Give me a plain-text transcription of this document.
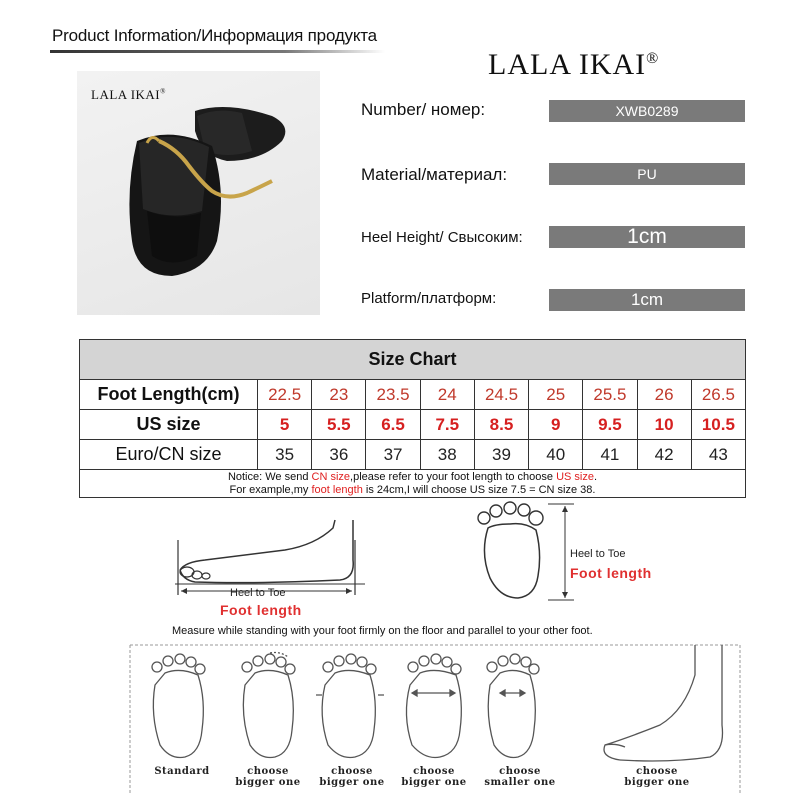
Product Information/Информация продукта
LALA IKAI®
LALA IKAI®
Number/ номер:	XWB0289
Material/материал:	PU
Heel Height/ Свысоким:	1cm
Platform/платформ:	1cm
Size Chart									
Foot Length(cm)	22.5	23	23.5	24	24.5	25	25.5	26	26.5
US size	5	5.5	6.5	7.5	8.5	9	9.5	10	10.5
Euro/CN size	35	36	37	38	39	40	41	42	43

Notice: We send CN size,please refer to your foot length to choose US size.
For example,my foot length is 24cm,I will choose US size 7.5 = CN size 38.									
Heel to Toe
Foot length
Heel to Toe
Foot length
Measure while standing with your foot firmly on the floor and parallel to your other foot.
Standard	choose
bigger one
choose
bigger one
choose
bigger one
choose
smaller one
choose
bigger one
